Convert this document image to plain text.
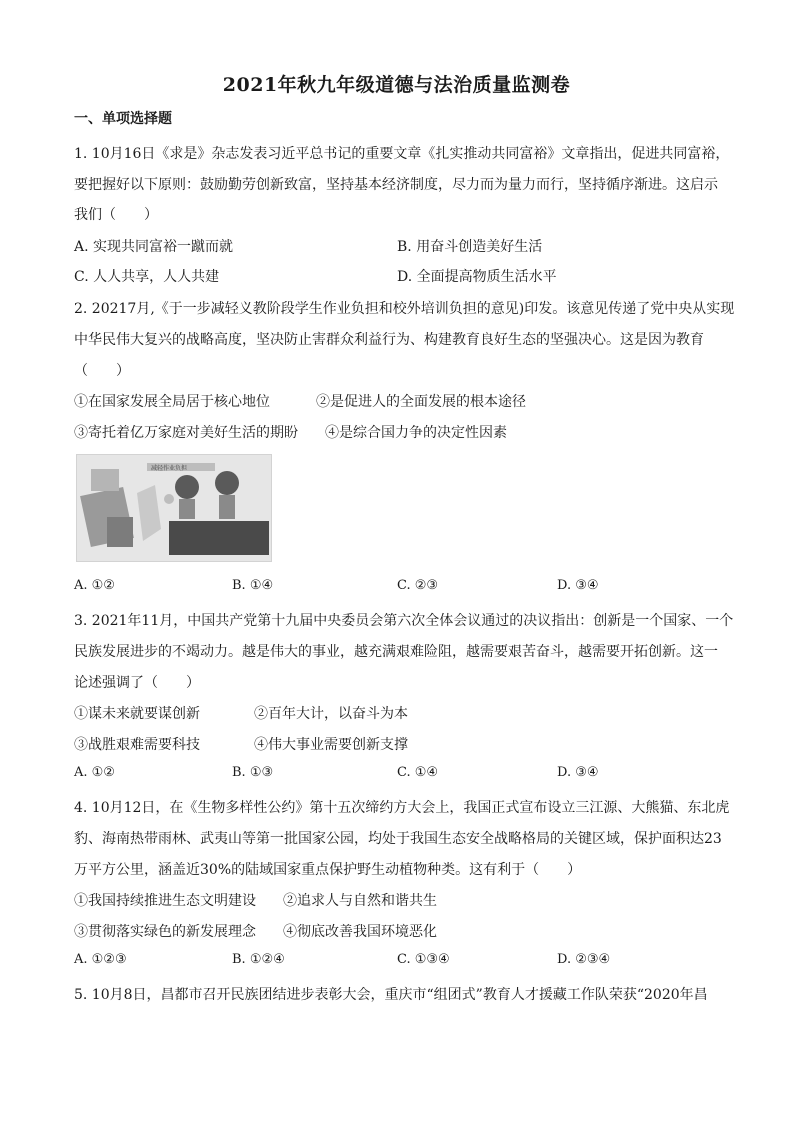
2021年秋九年级道德与法治质量监测卷
一、单项选择题
1. 10月16日《求是》杂志发表习近平总书记的重要文章《扎实推动共同富裕》文章指出，促进共同富裕，
要把握好以下原则：鼓励勤劳创新致富，坚持基本经济制度，尽力而为量力而行，坚持循序渐进。这启示
我们（　　）
A. 实现共同富裕一蹴而就	B. 用奋斗创造美好生活
C. 人人共享，人人共建	D. 全面提高物质生活水平
2. 20217月,《于一步减轻义教阶段学生作业负担和校外培训负担的意见)印发。该意见传递了党中央从实现
中华民伟大复兴的战略高度，坚决防止害群众利益行为、构建教育良好生态的坚强决心。这是因为教育
（　　）
①在国家发展全局居于核心地位	②是促进人的全面发展的根本途径
③寄托着亿万家庭对美好生活的期盼 ④是综合国力争的决定性因素
减轻作业负担
A. ①②	B. ①④	C. ②③	D. ③④
3. 2021年11月，中国共产党第十九届中央委员会第六次全体会议通过的决议指出：创新是一个国家、一个
民族发展进步的不竭动力。越是伟大的事业，越充满艰难险阻，越需要艰苦奋斗，越需要开拓创新。这一
论述强调了（　　）
①谋未来就要谋创新	②百年大计，以奋斗为本
③战胜艰难需要科技	④伟大事业需要创新支撑
A. ①②	B. ①③	C. ①④	D. ③④
4. 10月12日，在《生物多样性公约》第十五次缔约方大会上，我国正式宣布设立三江源、大熊猫、东北虎
豹、海南热带雨林、武夷山等第一批国家公园，均处于我国生态安全战略格局的关键区域，保护面积达23
万平方公里，涵盖近30%的陆域国家重点保护野生动植物种类。这有利于（　　）
①我国持续推进生态文明建设 ②追求人与自然和谐共生
③贯彻落实绿色的新发展理念 ④彻底改善我国环境恶化
A. ①②③	B. ①②④	C. ①③④	D. ②③④
5. 10月8日，昌都市召开民族团结进步表彰大会，重庆市“组团式”教育人才援藏工作队荣获“2020年昌
